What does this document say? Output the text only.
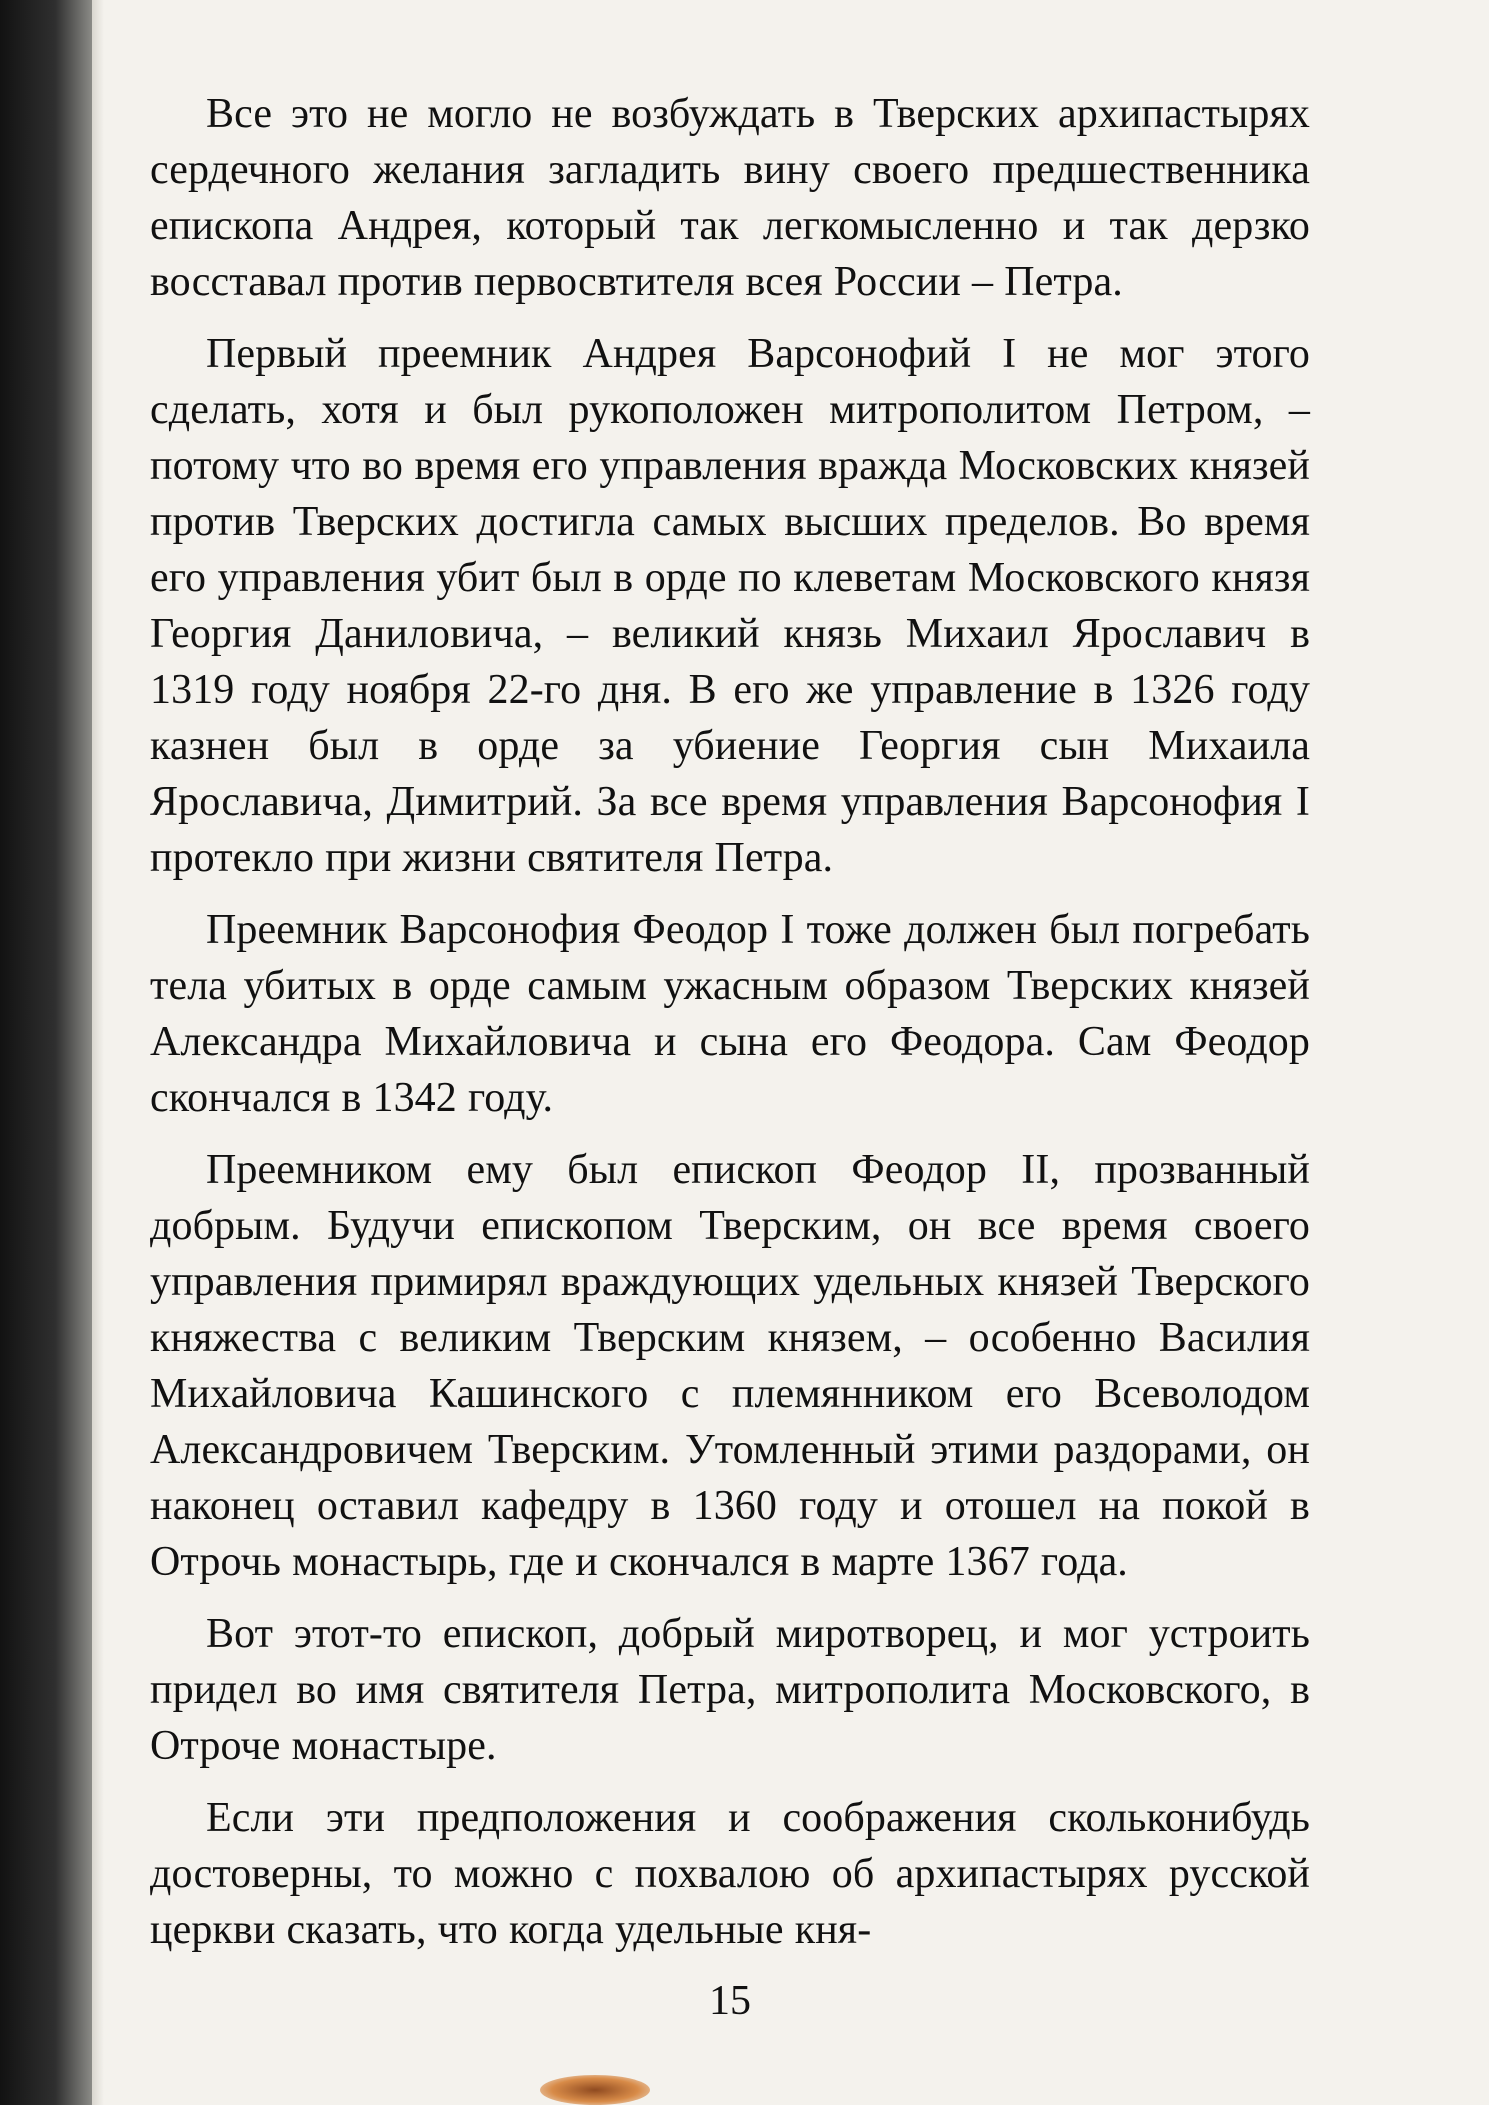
Все это не могло не возбуждать в Тверских архипастырях сердечного желания загладить вину своего предшественника епископа Андрея, который так легкомысленно и так дерзко восставал против первосвтителя всея России – Петра.

Первый преемник Андрея Варсонофий I не мог этого сделать, хотя и был рукоположен митрополитом Петром, – потому что во время его управления вражда Московских князей против Тверских достигла самых высших пределов. Во время его управления убит был в орде по клеветам Московского князя Георгия Даниловича, – великий князь Михаил Ярославич в 1319 году ноября 22-го дня. В его же управление в 1326 году казнен был в орде за убиение Георгия сын Михаила Ярославича, Димитрий. За все время управления Варсонофия I протекло при жизни святителя Петра.

Преемник Варсонофия Феодор I тоже должен был погребать тела убитых в орде самым ужасным образом Тверских князей Александра Михайловича и сына его Феодора. Сам Феодор скончался в 1342 году.

Преемником ему был епископ Феодор II, прозванный добрым. Будучи епископом Тверским, он все время своего управления примирял враждующих удельных князей Тверского княжества с великим Тверским князем, – особенно Василия Михайловича Кашинского с племянником его Всеволодом Александровичем Тверским. Утомленный этими раздорами, он наконец оставил кафедру в 1360 году и отошел на покой в Отрочь монастырь, где и скончался в марте 1367 года.

Вот этот-то епископ, добрый миротворец, и мог устроить придел во имя святителя Петра, митрополита Московского, в Отроче монастыре.

Если эти предположения и соображения скольконибудь достоверны, то можно с похвалою об архипастырях русской церкви сказать, что когда удельные кня-

15
